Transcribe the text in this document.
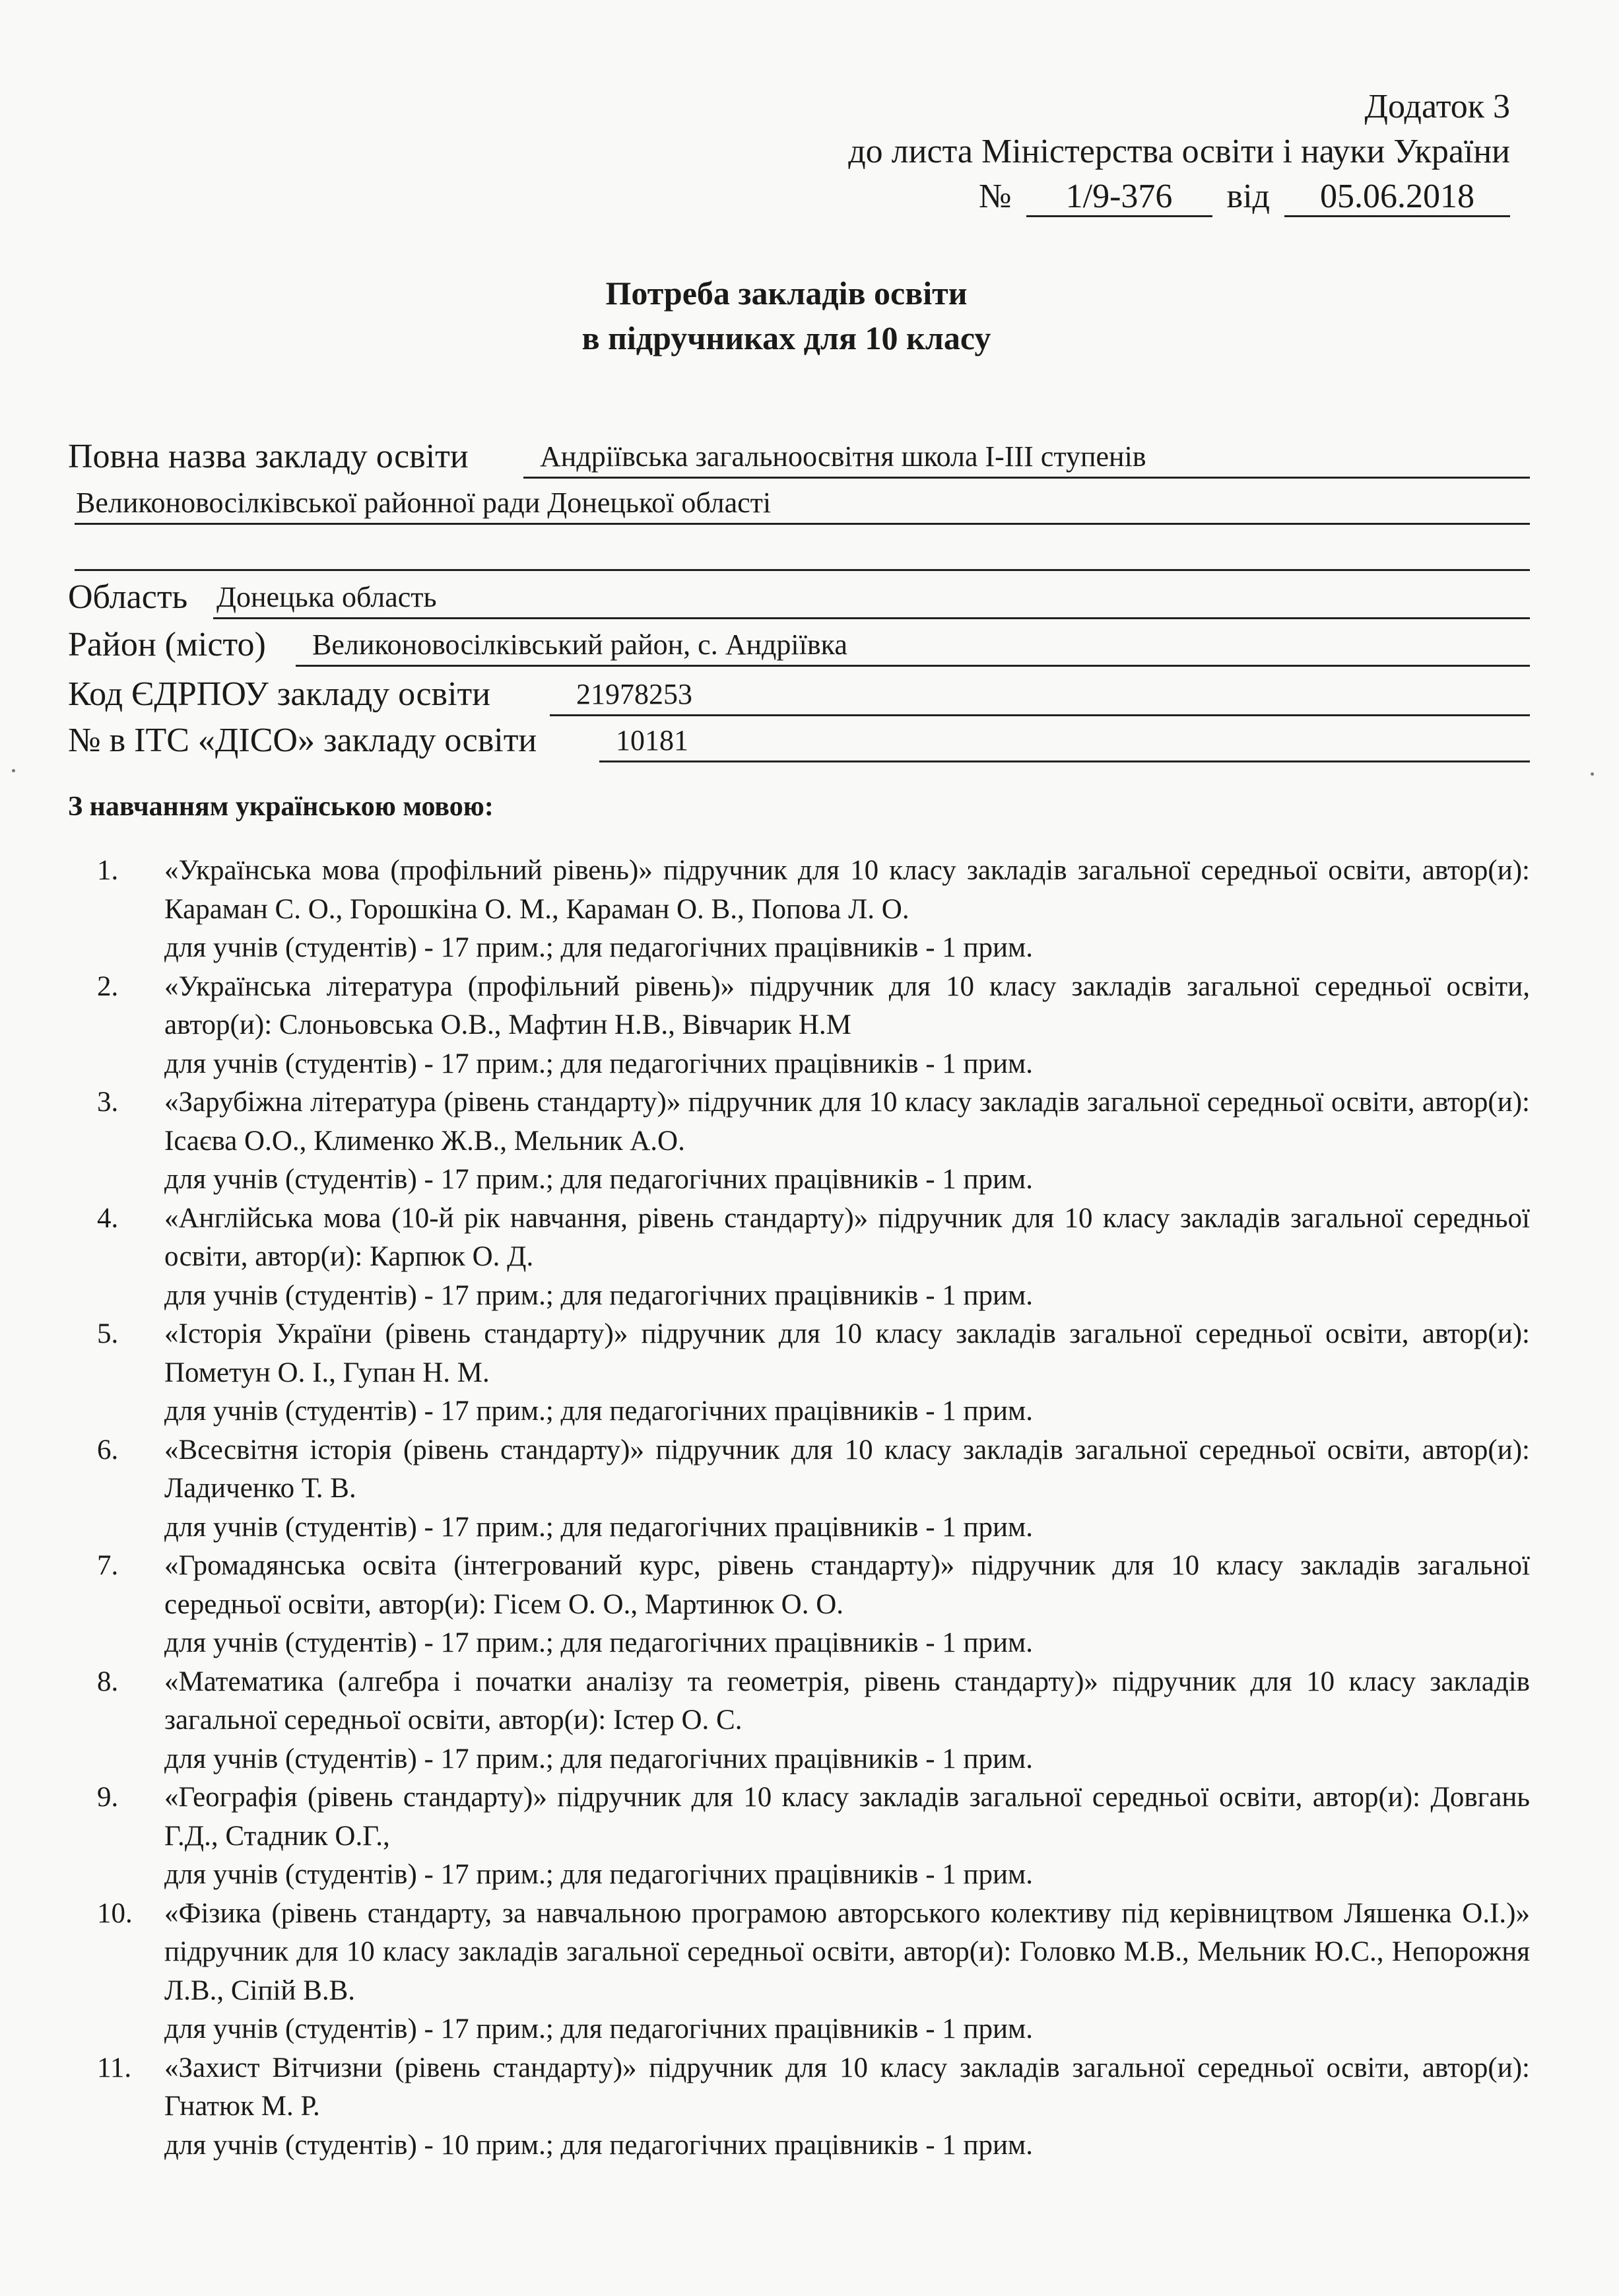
Додаток 3
до листа Міністерства освіти і науки України
№ 1/9-376 від 05.06.2018
Потреба закладів освіти
в підручниках для 10 класу
Повна назва закладу освіти Андріївська загальноосвітня школа І-ІІІ ступенів
Великоновосілківської районної ради Донецької області
Область Донецька область
Район (місто) Великоновосілківський район, с. Андріївка
Код ЄДРПОУ закладу освіти	21978253
№ в ІТС «ДІСО» закладу освіти	10181
З навчанням українською мовою:
1.	«Українська мова (профільний рівень)» підручник для 10 класу закладів загальної середньої освіти, автор(и): Караман С. О., Горошкіна О. М., Караман О. В., Попова Л. О.
для учнів (студентів) - 17 прим.; для педагогічних працівників - 1 прим.
2.	«Українська література (профільний рівень)» підручник для 10 класу закладів загальної середньої освіти, автор(и): Слоньовська О.В., Мафтин Н.В., Вівчарик Н.М
для учнів (студентів) - 17 прим.; для педагогічних працівників - 1 прим.
3.	«Зарубіжна література (рівень стандарту)» підручник для 10 класу закладів загальної середньої освіти, автор(и): Ісаєва О.О., Клименко Ж.В., Мельник А.О.
для учнів (студентів) - 17 прим.; для педагогічних працівників - 1 прим.
4.	«Англійська мова (10-й рік навчання, рівень стандарту)» підручник для 10 класу закладів загальної середньої освіти, автор(и): Карпюк О. Д.
для учнів (студентів) - 17 прим.; для педагогічних працівників - 1 прим.
5.	«Історія України (рівень стандарту)» підручник для 10 класу закладів загальної середньої освіти, автор(и): Пометун О. І., Гупан Н. М.
для учнів (студентів) - 17 прим.; для педагогічних працівників - 1 прим.
6.	«Всесвітня історія (рівень стандарту)» підручник для 10 класу закладів загальної середньої освіти, автор(и): Ладиченко Т. В.
для учнів (студентів) - 17 прим.; для педагогічних працівників - 1 прим.
7.	«Громадянська освіта (інтегрований курс, рівень стандарту)» підручник для 10 класу закладів загальної середньої освіти, автор(и): Гісем О. О., Мартинюк О. О.
для учнів (студентів) - 17 прим.; для педагогічних працівників - 1 прим.
8.	«Математика (алгебра і початки аналізу та геометрія, рівень стандарту)» підручник для 10 класу закладів загальної середньої освіти, автор(и): Істер О. С.
для учнів (студентів) - 17 прим.; для педагогічних працівників - 1 прим.
9.	«Географія (рівень стандарту)» підручник для 10 класу закладів загальної середньої освіти, автор(и): Довгань Г.Д., Стадник О.Г.,
для учнів (студентів) - 17 прим.; для педагогічних працівників - 1 прим.
10.	«Фізика (рівень стандарту, за навчальною програмою авторського колективу під керівництвом Ляшенка О.І.)» підручник для 10 класу закладів загальної середньої освіти, автор(и): Головко М.В., Мельник Ю.С., Непорожня Л.В., Сіпій В.В.
для учнів (студентів) - 17 прим.; для педагогічних працівників - 1 прим.
11.	«Захист Вітчизни (рівень стандарту)» підручник для 10 класу закладів загальної середньої освіти, автор(и): Гнатюк М. Р.
для учнів (студентів) - 10 прим.; для педагогічних працівників - 1 прим.
